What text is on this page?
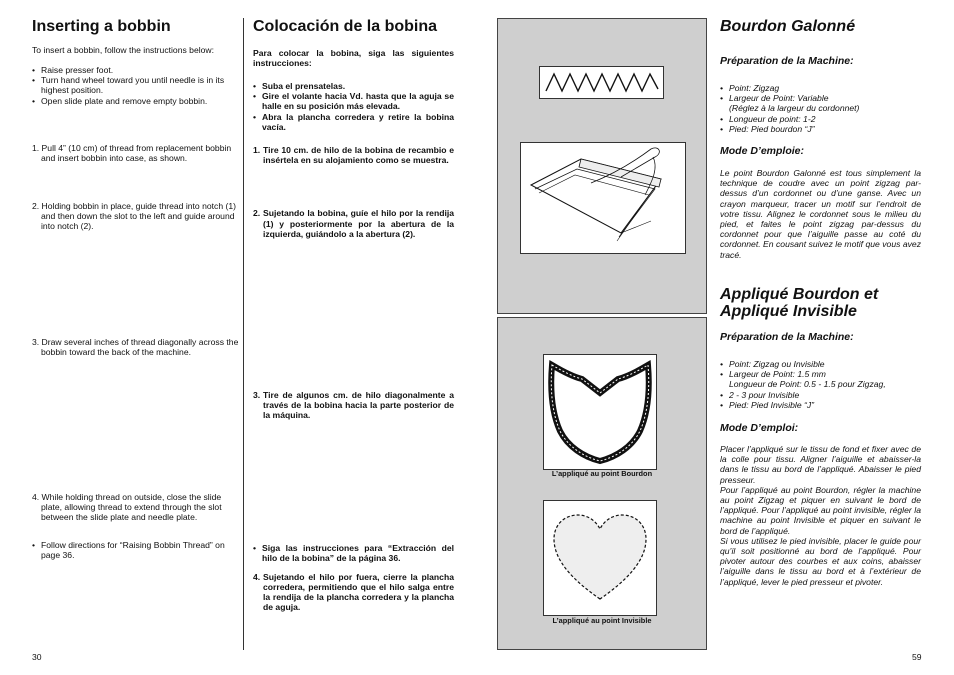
Inserting a bobbin
To insert a bobbin, follow the instructions below:
• Raise presser foot.
• Turn hand wheel toward you until needle is in its highest position.
• Open slide plate and remove empty bobbin.
1. Pull 4” (10 cm) of thread from replacement bobbin and insert bobbin into case, as shown.
2. Holding bobbin in place, guide thread into notch (1) and then down the slot to the left and guide around into notch (2).
3. Draw several inches of thread diagonally across the bobbin toward the back of the machine.
4. While holding thread on outside, close the slide plate, allowing thread to extend through the slot between the slide plate and needle plate.
• Follow directions for “Raising Bobbin Thread” on page 36.
30
Colocación de la bobina
Para colocar la bobina, siga las siguientes instrucciones:
• Suba el prensatelas.
• Gire el volante hacia Vd. hasta que la aguja se halle en su posición más elevada.
• Abra la plancha corredera y retire la bobina vacía.
1. Tire 10 cm. de hilo de la bobina de recambio e insértela en su alojamiento como se muestra.
2. Sujetando la bobina, guíe el hilo por la rendija (1) y posteriormente por la abertura de la izquierda, guiándolo a la abertura (2).
3. Tire de algunos cm. de hilo diagonalmente a través de la bobina hacia la parte posterior de la máquina.
4. Sujetando el hilo por fuera, cierre la plancha corredera, permitiendo que el hilo salga entre la rendija de la plancha corredera y la plancha de aguja.
• Siga las instrucciones para “Extracción del hilo de la bobina” de la página 36.
L’appliqué au point Bourdon
L’appliqué au point Invisible
Bourdon Galonné
Préparation de la Machine:
• Point: Zigzag
• Largeur de Point: Variable
(Réglez à la largeur du cordonnet)
• Longueur de point: 1-2
• Pied: Pied bourdon “J”
Mode D’emploie:
Le point Bourdon Galonné est tous simplement la technique de coudre avec un point zigzag par-dessus d’un cordonnet ou d’une ganse. Avec un crayon marqueur, tracer un motif sur l’endroit de votre tissu. Alignez le cordonnet sous le milieu du pied, et faites le point zigzag par-dessus du cordonnet pour que l’aiguille passe au coté du cordonnet. En cousant suivez le motif que vous avez tracé.
Appliqué Bourdon et
Appliqué Invisible
Préparation de la Machine:
• Point: Zigzag ou Invisible
• Largeur de Point: 1.5 mm
Longueur de Point: 0.5 - 1.5 pour Zigzag,
• 2 - 3 pour Invisible
• Pied: Pied Invisible “J”
Mode D’emploi:
Placer l’appliqué sur le tissu de fond et fixer avec de la colle pour tissu. Aligner l’aiguille et abaisser-la dans le tissu au bord de l’appliqué. Abaisser le pied presseur.
Pour l’appliqué au point Bourdon, régler la machine au point Zigzag et piquer en suivant le bord de l’appliqué. Pour l’appliqué au point invisible, régler la machine au point Invisible et piquer en suivant le bord de l’appliqué.
Si vous utilisez le pied invisible, placer le guide pour qu’il soit positionné au bord de l’appliqué. Pour pivoter autour des courbes et aux coins, abaisser l’aiguille dans le tissu au bord et à l’extérieur de l’appliqué, lever le pied presseur et pivoter.
59
